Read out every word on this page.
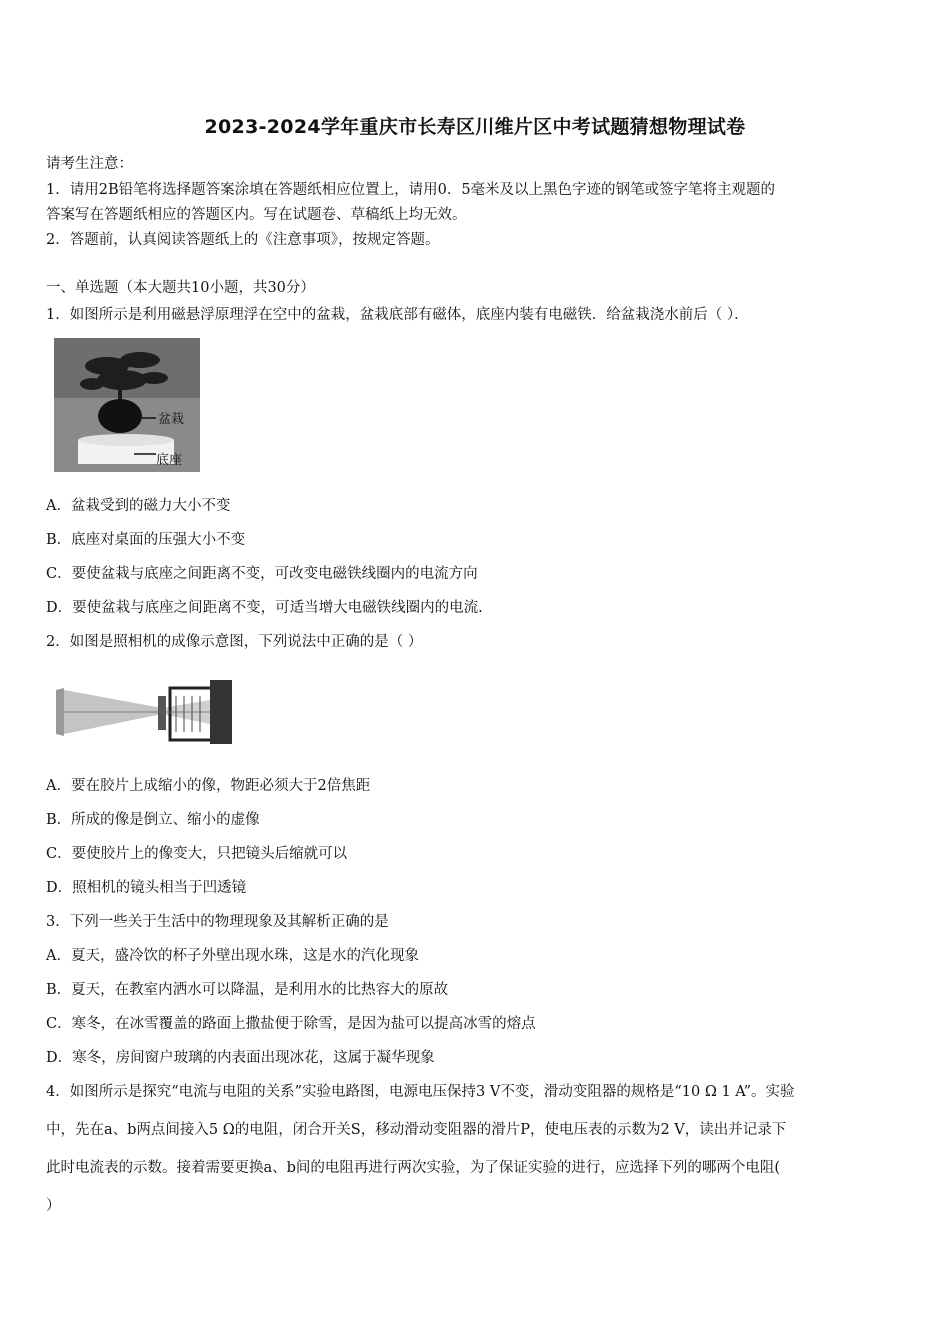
2023-2024学年重庆市长寿区川维片区中考试题猜想物理试卷
请考生注意：
1．请用2B铅笔将选择题答案涂填在答题纸相应位置上，请用0．5毫米及以上黑色字迹的钢笔或签字笔将主观题的
答案写在答题纸相应的答题区内。写在试题卷、草稿纸上均无效。
2．答题前，认真阅读答题纸上的《注意事项》，按规定答题。
一、单选题（本大题共10小题，共30分）
1．如图所示是利用磁悬浮原理浮在空中的盆栽，盆栽底部有磁体，底座内装有电磁铁．给盆栽浇水前后（ ）．
盆栽
底座
A．盆栽受到的磁力大小不变
B．底座对桌面的压强大小不变
C．要使盆栽与底座之间距离不变，可改变电磁铁线圈内的电流方向
D．要使盆栽与底座之间距离不变，可适当增大电磁铁线圈内的电流.
2．如图是照相机的成像示意图，下列说法中正确的是（ ）
A．要在胶片上成缩小的像，物距必须大于2倍焦距
B．所成的像是倒立、缩小的虚像
C．要使胶片上的像变大，只把镜头后缩就可以
D．照相机的镜头相当于凹透镜
3．下列一些关于生活中的物理现象及其解析正确的是
A．夏天，盛冷饮的杯子外壁出现水珠，这是水的汽化现象
B．夏天，在教室内洒水可以降温，是利用水的比热容大的原故
C．寒冬，在冰雪覆盖的路面上撒盐便于除雪，是因为盐可以提高冰雪的熔点
D．寒冬，房间窗户玻璃的内表面出现冰花，这属于凝华现象
4．如图所示是探究“电流与电阻的关系”实验电路图，电源电压保持3 V不变，滑动变阻器的规格是“10 Ω 1 A”。实验
中，先在a、b两点间接入5 Ω的电阻，闭合开关S，移动滑动变阻器的滑片P，使电压表的示数为2 V，读出并记录下
此时电流表的示数。接着需要更换a、b间的电阻再进行两次实验，为了保证实验的进行，应选择下列的哪两个电阻(
）
